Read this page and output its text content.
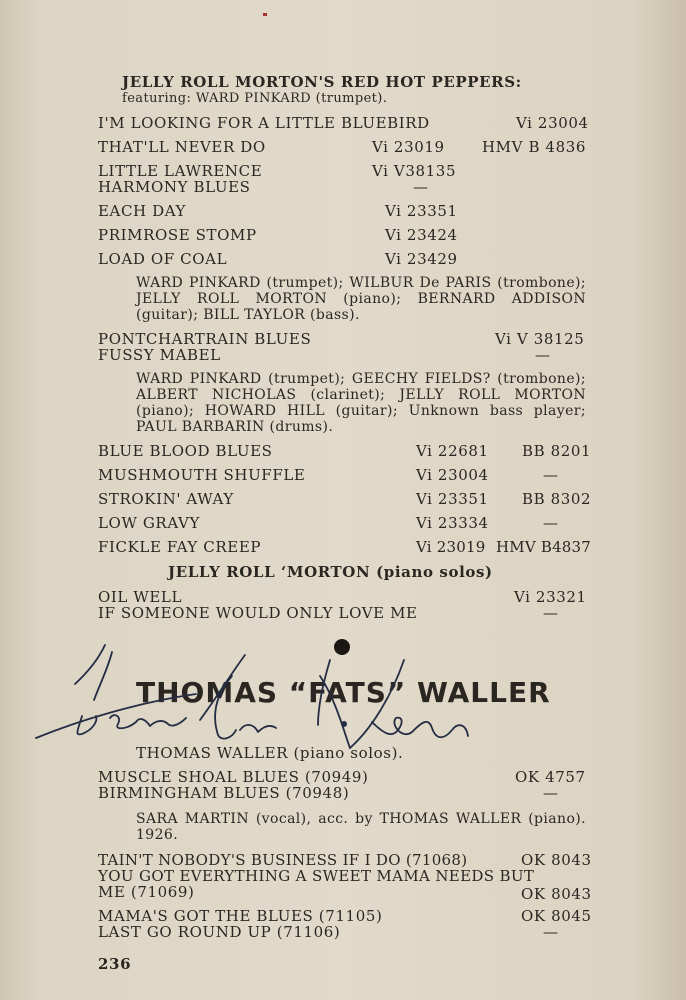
JELLY ROLL MORTON'S RED HOT PEPPERS:
featuring: WARD PINKARD (trumpet).
I'M LOOKING FOR A LITTLE BLUEBIRD	Vi 23004
THAT'LL NEVER DO	Vi 23019 HMV B 4836
LITTLE LAWRENCE	Vi V38135
HARMONY BLUES	—
EACH DAY	Vi 23351
PRIMROSE STOMP	Vi 23424
LOAD OF COAL	Vi 23429
WARD PINKARD (trumpet); WILBUR De PARIS (trombone); JELLY ROLL MORTON (piano); BERNARD ADDISON (guitar); BILL TAYLOR (bass).
PONTCHARTRAIN BLUES	Vi V 38125
FUSSY MABEL	—
WARD PINKARD (trumpet); GEECHY FIELDS? (trombone); ALBERT NICHOLAS (clarinet); JELLY ROLL MORTON (piano); HOWARD HILL (guitar); Unknown bass player; PAUL BARBARIN (drums).
BLUE BLOOD BLUES	Vi 22681 BB 8201
MUSHMOUTH SHUFFLE	Vi 23004	—
STROKIN' AWAY	Vi 23351 BB 8302
LOW GRAVY	Vi 23334	—
FICKLE FAY CREEP	Vi 23019 HMV B4837
JELLY ROLL ‘MORTON (piano solos)
OIL WELL	Vi 23321
IF SOMEONE WOULD ONLY LOVE ME	—
THOMAS “FATS” WALLER
THOMAS WALLER (piano solos).
MUSCLE SHOAL BLUES (70949)	OK 4757
BIRMINGHAM BLUES (70948)	—
SARA MARTIN (vocal), acc. by THOMAS WALLER (piano). 1926.
TAIN'T NOBODY'S BUSINESS IF I DO (71068)	OK 8043
YOU GOT EVERYTHING A SWEET MAMA NEEDS BUT
ME (71069)	OK 8043
MAMA'S GOT THE BLUES (71105)	OK 8045
LAST GO ROUND UP (71106)	—
236
